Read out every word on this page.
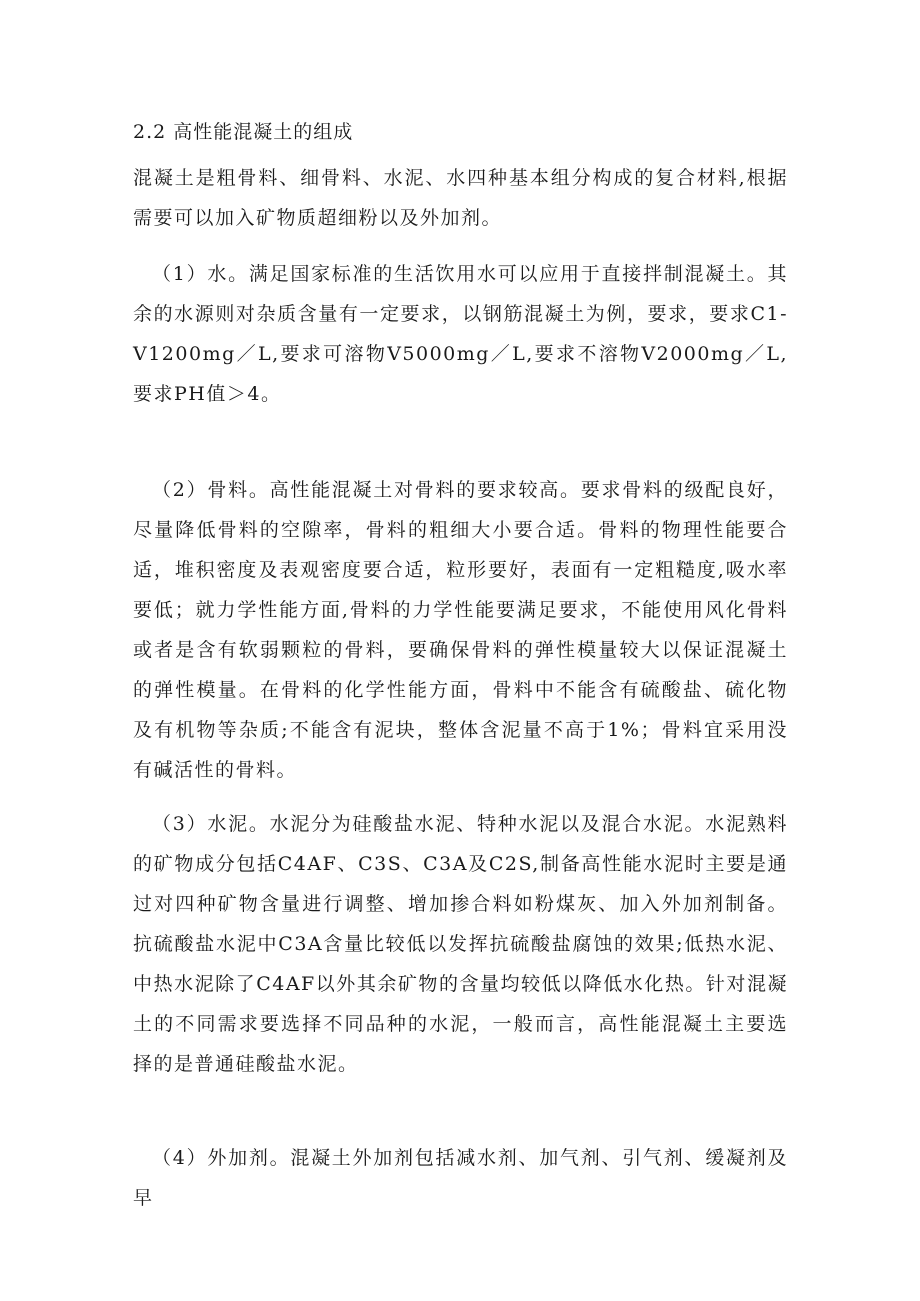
2.2 高性能混凝土的组成

混凝土是粗骨料、细骨料、水泥、水四种基本组分构成的复合材料,根据需要可以加入矿物质超细粉以及外加剂。

（1）水。满足国家标准的生活饮用水可以应用于直接拌制混凝土。其余的水源则对杂质含量有一定要求，以钢筋混凝土为例，要求，要求C1-V1200mg／L,要求可溶物V5000mg／L,要求不溶物V2000mg／L,要求PH值＞4。

（2）骨料。高性能混凝土对骨料的要求较高。要求骨料的级配良好，尽量降低骨料的空隙率，骨料的粗细大小要合适。骨料的物理性能要合适，堆积密度及表观密度要合适，粒形要好，表面有一定粗糙度,吸水率要低；就力学性能方面,骨料的力学性能要满足要求，不能使用风化骨料或者是含有软弱颗粒的骨料，要确保骨料的弹性模量较大以保证混凝土的弹性模量。在骨料的化学性能方面，骨料中不能含有硫酸盐、硫化物及有机物等杂质;不能含有泥块，整体含泥量不高于1%；骨料宜采用没有碱活性的骨料。

（3）水泥。水泥分为硅酸盐水泥、特种水泥以及混合水泥。水泥熟料的矿物成分包括C4AF、C3S、C3A及C2S,制备高性能水泥时主要是通过对四种矿物含量进行调整、增加掺合料如粉煤灰、加入外加剂制备。抗硫酸盐水泥中C3A含量比较低以发挥抗硫酸盐腐蚀的效果;低热水泥、中热水泥除了C4AF以外其余矿物的含量均较低以降低水化热。针对混凝土的不同需求要选择不同品种的水泥，一般而言，高性能混凝土主要选择的是普通硅酸盐水泥。

（4）外加剂。混凝土外加剂包括减水剂、加气剂、引气剂、缓凝剂及早
